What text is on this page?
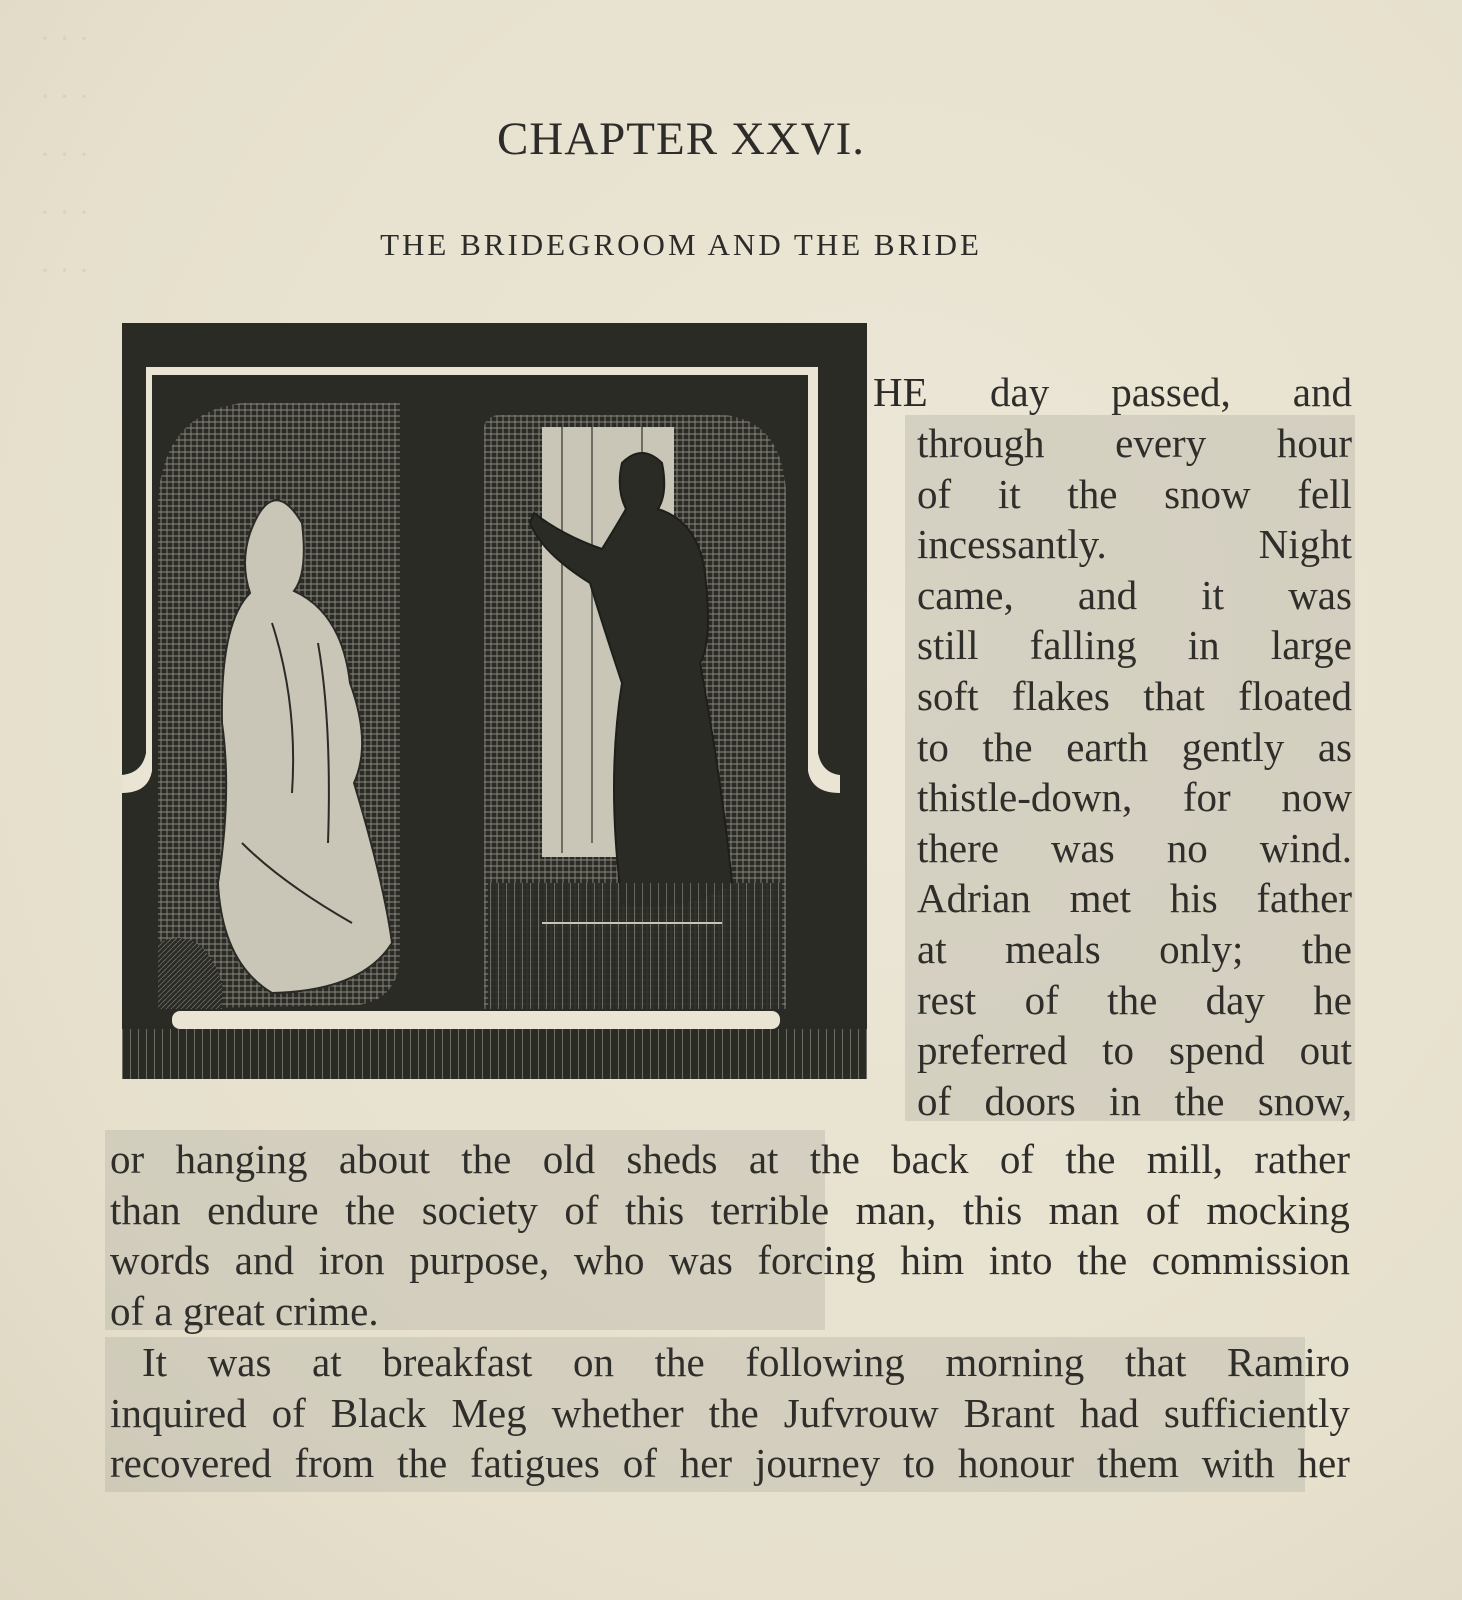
· · ·
· · ·
· · ·
· · ·
· · ·
CHAPTER XXVI.
THE BRIDEGROOM AND THE BRIDE
HE day passed, and
through every hour
of it the snow fell
incessantly.	Night
came, and it was
still falling in large
soft flakes that floated
to the earth gently as
thistle-down, for now
there was no wind.
Adrian met his father
at meals only; the
rest of the day he
preferred to spend out
of doors in the snow,
or hanging about the old sheds at the back of the mill, rather
than endure the society of this terrible man, this man of mocking
words and iron purpose, who was forcing him into the commission
of a great crime.
It was at breakfast on the following morning that Ramiro
inquired of Black Meg whether the Jufvrouw Brant had sufficiently
recovered from the fatigues of her journey to honour them with her
